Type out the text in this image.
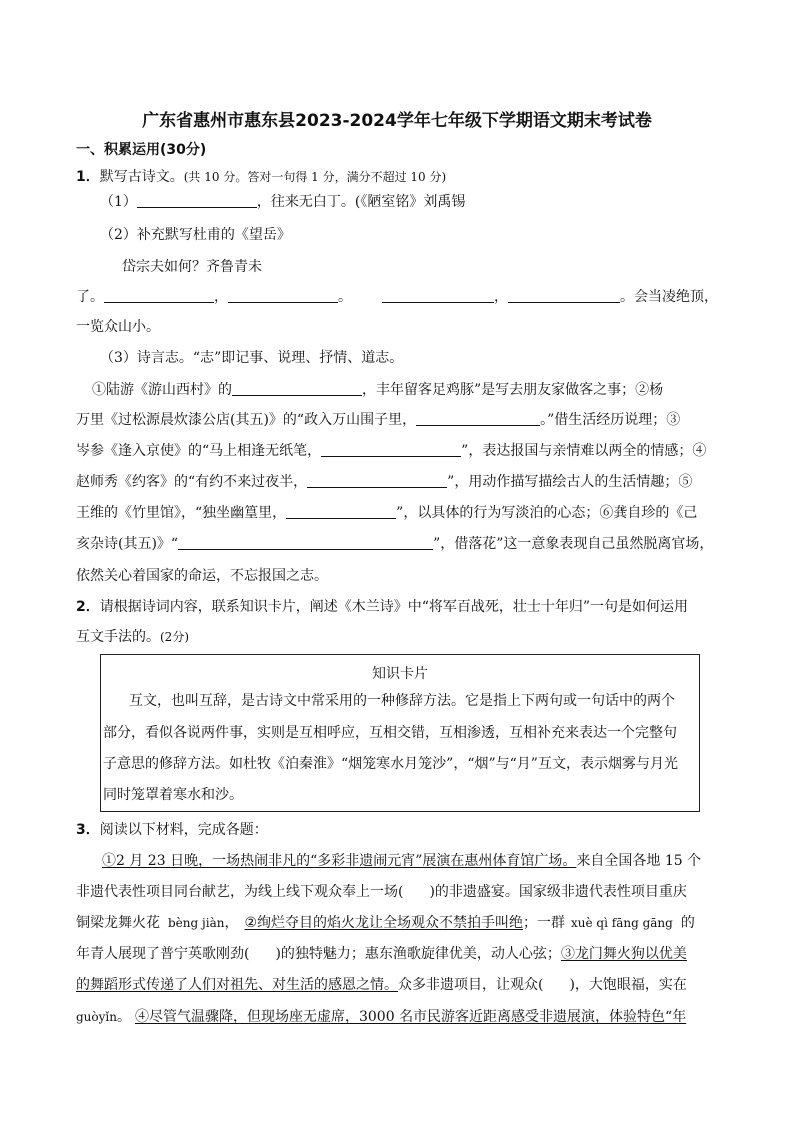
广东省惠州市惠东县2023-2024学年七年级下学期语文期末考试卷
一、积累运用(30分)
1．默写古诗文。(共 10 分。答对一句得 1 分，满分不超过 10 分)
（1）	，往来无白丁。(《陋室铭》刘禹锡
（2）补充默写杜甫的《望岳》
岱宗夫如何？齐鲁青未
了。	，	。	，	。会当凌绝顶，
一览众山小。
（3）诗言志。“志”即记事、说理、抒情、道志。
①陆游《游山西村》的	，丰年留客足鸡豚”是写去朋友家做客之事；②杨
万里《过松源晨炊漆公店(其五)》的“政入万山围子里，	。”借生活经历说理；③
岑参《逢入京使》的“马上相逢无纸笔，	”，表达报国与亲情难以两全的情感；④
赵师秀《约客》的“有约不来过夜半，	”，用动作描写描绘古人的生活情趣；⑤
王维的《竹里馆》，“独坐幽篁里，	”，以具体的行为写淡泊的心态；⑥龚自珍的《己
亥杂诗(其五)》“	”，借落花”这一意象表现自己虽然脱离官场，
依然关心着国家的命运，不忘报国之志。
2．请根据诗词内容，联系知识卡片，阐述《木兰诗》中“将军百战死，壮士十年归”一句是如何运用
互文手法的。(2分)
知识卡片
互文，也叫互辞，是古诗文中常采用的一种修辞方法。它是指上下两句或一句话中的两个
部分，看似各说两件事，实则是互相呼应，互相交错，互相渗透，互相补充来表达一个完整句
子意思的修辞方法。如杜牧《泊秦淮》“烟笼寒水月笼沙”，“烟”与“月”互文，表示烟雾与月光
同时笼罩着寒水和沙。
3．阅读以下材料，完成各题：
①2 月 23 日晚，一场热闹非凡的“多彩非遗闹元宵”展演在惠州体育馆广场。来自全国各地 15 个
非遗代表性项目同台献艺，为线上线下观众奉上一场( )的非遗盛宴。国家级非遗代表性项目重庆
铜梁龙舞火花 bèng jiàn， ②绚烂夺目的焰火龙让全场观众不禁拍手叫绝；一群 xuè qì fāng gāng 的
年青人展现了普宁英歌刚劲( )的独特魅力；惠东渔歌旋律优美，动人心弦；③龙门舞火狗以优美
的舞蹈形式传递了人们对祖先、对生活的感恩之情。众多非遗项目，让观众( )，大饱眼福，实在
guòyǐn。 ④尽管气温骤降，但现场座无虚席，3000 名市民游客近距离感受非遗展演，体验特色“年
